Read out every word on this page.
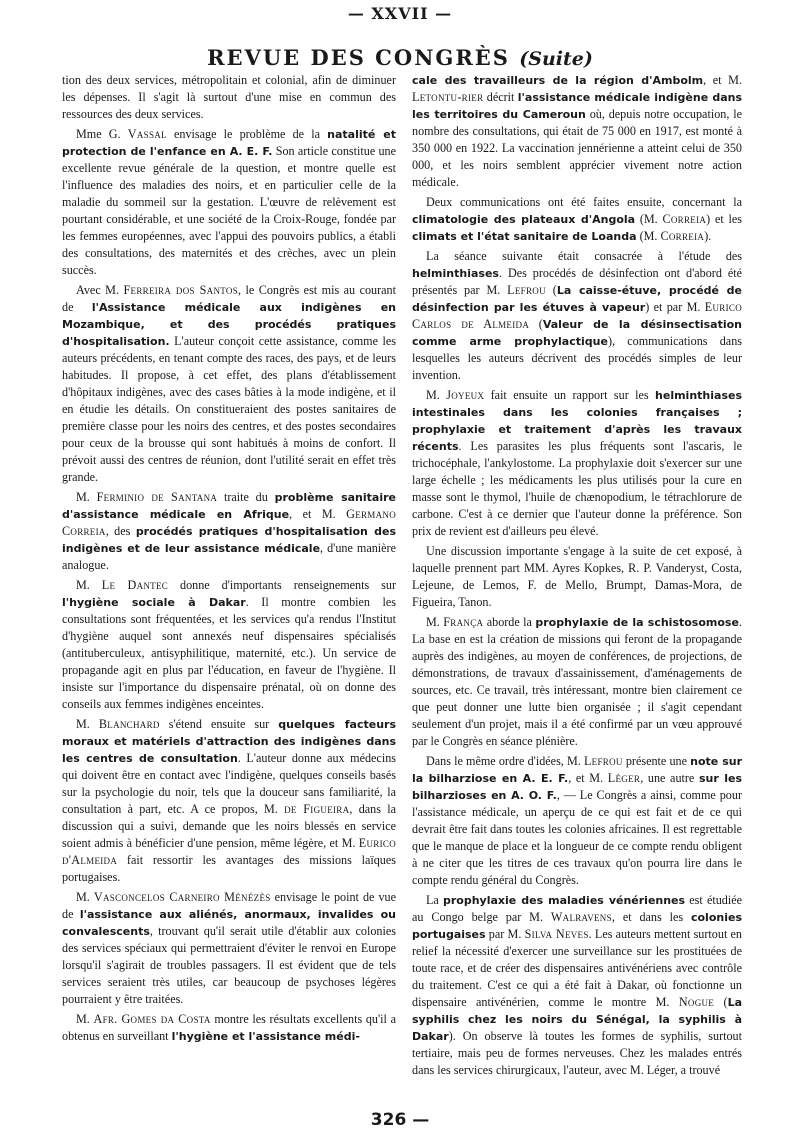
— XXVII —
REVUE DES CONGRÈS (Suite)

tion des deux services, métropolitain et colonial, afin de diminuer les dépenses. Il s'agit là surtout d'une mise en commun des ressources des deux services.

Mme G. Vassal envisage le problème de la natalité et protection de l'enfance en A. E. F. Son article constitue une excellente revue générale de la question, et montre quelle est l'influence des maladies des noirs, et en particulier celle de la maladie du sommeil sur la gestation. L'œuvre de relèvement est pourtant considérable, et une société de la Croix-Rouge, fondée par les femmes européennes, avec l'appui des pouvoirs publics, a établi des consultations, des maternités et des crèches, avec un plein succès.

Avec M. Ferreira dos Santos, le Congrès est mis au courant de l'Assistance médicale aux indigènes en Mozambique, et des procédés pratiques d'hospitalisation. L'auteur conçoit cette assistance, comme les auteurs précédents, en tenant compte des races, des pays, et de leurs habitudes. Il propose, à cet effet, des plans d'établissement d'hôpitaux indigènes, avec des cases bâties à la mode indigène, et il en étudie les détails. On constitueraient des postes sanitaires de première classe pour les noirs des centres, et des postes secondaires pour ceux de la brousse qui sont habitués à moins de confort. Il prévoit aussi des centres de réunion, dont l'utilité serait en effet très grande.

M. Ferminio de Santana traite du problème sanitaire d'assistance médicale en Afrique, et M. Germano Correia, des procédés pratiques d'hospitalisation des indigènes et de leur assistance médicale, d'une manière analogue.

M. Le Dantec donne d'importants renseignements sur l'hygiène sociale à Dakar. Il montre combien les consultations sont fréquentées, et les services qu'a rendus l'Institut d'hygiène auquel sont annexés neuf dispensaires spécialisés (antituberculeux, antisyphilitique, maternité, etc.). Un service de propagande agit en plus par l'éducation, en faveur de l'hygiène. Il insiste sur l'importance du dispensaire prénatal, où on donne des conseils aux femmes indigènes enceintes.

M. Blanchard s'étend ensuite sur quelques facteurs moraux et matériels d'attraction des indigènes dans les centres de consultation. L'auteur donne aux médecins qui doivent être en contact avec l'indigène, quelques conseils basés sur la psychologie du noir, tels que la douceur sans familiarité, la consultation à part, etc. A ce propos, M. de Figueira, dans la discussion qui a suivi, demande que les noirs blessés en service soient admis à bénéficier d'une pension, même légère, et M. Eurico d'Almeida fait ressortir les avantages des missions laïques portugaises.

M. Vasconcelos Carneiro Ménézès envisage le point de vue de l'assistance aux aliénés, anormaux, invalides ou convalescents, trouvant qu'il serait utile d'établir aux colonies des services spéciaux qui permettraient d'éviter le renvoi en Europe lorsqu'il s'agirait de troubles passagers. Il est évident que de tels services seraient très utiles, car beaucoup de psychoses légères pourraient y être traitées.

M. Afr. Gomes da Costa montre les résultats excellents qu'il a obtenus en surveillant l'hygiène et l'assistance médi-

cale des travailleurs de la région d'Ambolm, et M. Letontu-rier décrit l'assistance médicale indigène dans les territoires du Cameroun où, depuis notre occupation, le nombre des consultations, qui était de 75 000 en 1917, est monté à 350 000 en 1922. La vaccination jennérienne a atteint celui de 350 000, et les noirs semblent apprécier vivement notre action médicale.

Deux communications ont été faites ensuite, concernant la climatologie des plateaux d'Angola (M. Correia) et les climats et l'état sanitaire de Loanda (M. Correia).

La séance suivante était consacrée à l'étude des helminthiases. Des procédés de désinfection ont d'abord été présentés par M. Lefrou (La caisse-étuve, procédé de désinfection par les étuves à vapeur) et par M. Eurico Carlos de Almeida (Valeur de la désinsectisation comme arme prophylactique), communications dans lesquelles les auteurs décrivent des procédés simples de leur invention.

M. Joyeux fait ensuite un rapport sur les helminthiases intestinales dans les colonies françaises ; prophylaxie et traitement d'après les travaux récents. Les parasites les plus fréquents sont l'ascaris, le trichocéphale, l'ankylostome. La prophylaxie doit s'exercer sur une large échelle ; les médicaments les plus utilisés pour la cure en masse sont le thymol, l'huile de chænopodium, le tétrachlorure de carbone. C'est à ce dernier que l'auteur donne la préférence. Son prix de revient est d'ailleurs peu élevé.

Une discussion importante s'engage à la suite de cet exposé, à laquelle prennent part MM. Ayres Kopkes, R. P. Vanderyst, Costa, Lejeune, de Lemos, F. de Mello, Brumpt, Damas-Mora, de Figueira, Tanon.

M. França aborde la prophylaxie de la schistosomose. La base en est la création de missions qui feront de la propagande auprès des indigènes, au moyen de conférences, de projections, de démonstrations, de travaux d'assainissement, d'aménagements de sources, etc. Ce travail, très intéressant, montre bien clairement ce que peut donner une lutte bien organisée ; il s'agit cependant seulement d'un projet, mais il a été confirmé par un vœu approuvé par le Congrès en séance plénière.

Dans le même ordre d'idées, M. Lefrou présente une note sur la bilharziose en A. E. F., et M. Léger, une autre sur les bilharzioses en A. O. F., — Le Congrès a ainsi, comme pour l'assistance médicale, un aperçu de ce qui est fait et de ce qui devrait être fait dans toutes les colonies africaines. Il est regrettable que le manque de place et la longueur de ce compte rendu obligent à ne citer que les titres de ces travaux qu'on pourra lire dans le compte rendu général du Congrès.

La prophylaxie des maladies vénériennes est étudiée au Congo belge par M. Walravens, et dans les colonies portugaises par M. Silva Neves. Les auteurs mettent surtout en relief la nécessité d'exercer une surveillance sur les prostituées de toute race, et de créer des dispensaires antivénériens avec contrôle du traitement. C'est ce qui a été fait à Dakar, où fonctionne un dispensaire antivénérien, comme le montre M. Nogue (La syphilis chez les noirs du Sénégal, la syphilis à Dakar). On observe là toutes les formes de syphilis, surtout tertiaire, mais peu de formes nerveuses. Chez les malades entrés dans les services chirurgicaux, l'auteur, avec M. Léger, a trouvé

326 —
